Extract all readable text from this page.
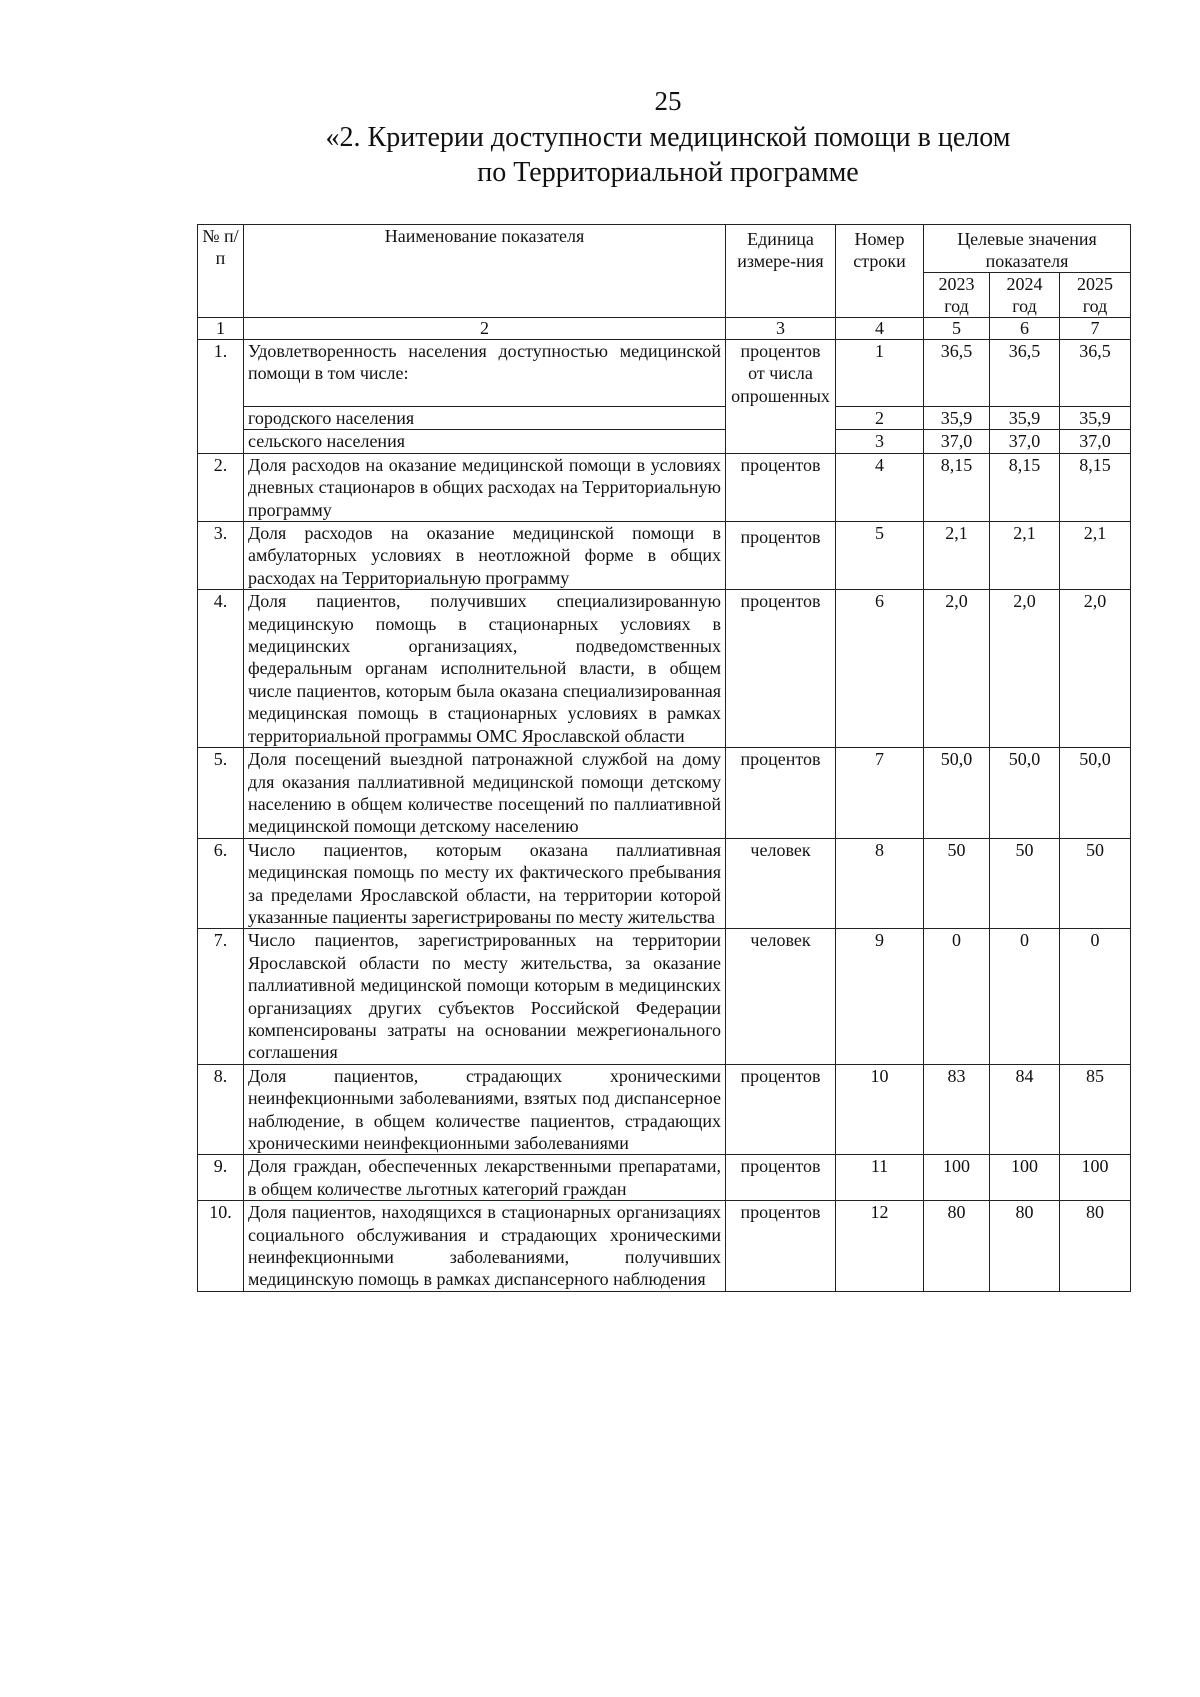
25
«2. Критерии доступности медицинской помощи в целом
по Территориальной программе
№ п/п	Наименование показателя	Единица измере-ния	Номер строки	Целевые значения показателя		
				2023 год	2024 год	2025 год
1	2	3	4	5	6	7
1.	Удовлетворенность населения доступностью медицинской помощи в том числе:	процентов от числа опрошенных	1	36,5	36,5	36,5
	городского населения		2	35,9	35,9	35,9
	сельского населения		3	37,0	37,0	37,0
2.	Доля расходов на оказание медицинской помощи в условиях дневных стационаров в общих расходах на Территориальную программу	процентов	4	8,15	8,15	8,15
3.	Доля расходов на оказание медицинской помощи в амбулаторных условиях в неотложной форме в общих расходах на Территориальную программу	процентов	5	2,1	2,1	2,1
4.	Доля пациентов, получивших специализированную медицинскую помощь в стационарных условиях в медицинских организациях, подведомственных федеральным органам исполнительной власти, в общем числе пациентов, которым была оказана специализированная медицинская помощь в стационарных условиях в рамках территориальной программы ОМС Ярославской области	процентов	6	2,0	2,0	2,0
5.	Доля посещений выездной патронажной службой на дому для оказания паллиативной медицинской помощи детскому населению в общем количестве посещений по паллиативной медицинской помощи детскому населению	процентов	7	50,0	50,0	50,0
6.	Число пациентов, которым оказана паллиативная медицинская помощь по месту их фактического пребывания за пределами Ярославской области, на территории которой указанные пациенты зарегистрированы по месту жительства	человек	8	50	50	50
7.	Число пациентов, зарегистрированных на территории Ярославской области по месту жительства, за оказание паллиативной медицинской помощи которым в медицинских организациях других субъектов Российской Федерации компенсированы затраты на основании межрегионального соглашения	человек	9	0	0	0
8.	Доля пациентов, страдающих хроническими неинфекционными заболеваниями, взятых под диспансерное наблюдение, в общем количестве пациентов, страдающих хроническими неинфекционными заболеваниями	процентов	10	83	84	85
9.	Доля граждан, обеспеченных лекарственными препаратами, в общем количестве льготных категорий граждан	процентов	11	100	100	100
10.	Доля пациентов, находящихся в стационарных организациях социального обслуживания и страдающих хроническими неинфекционными заболеваниями, получивших медицинскую помощь в рамках диспансерного наблюдения	процентов	12	80	80	80
